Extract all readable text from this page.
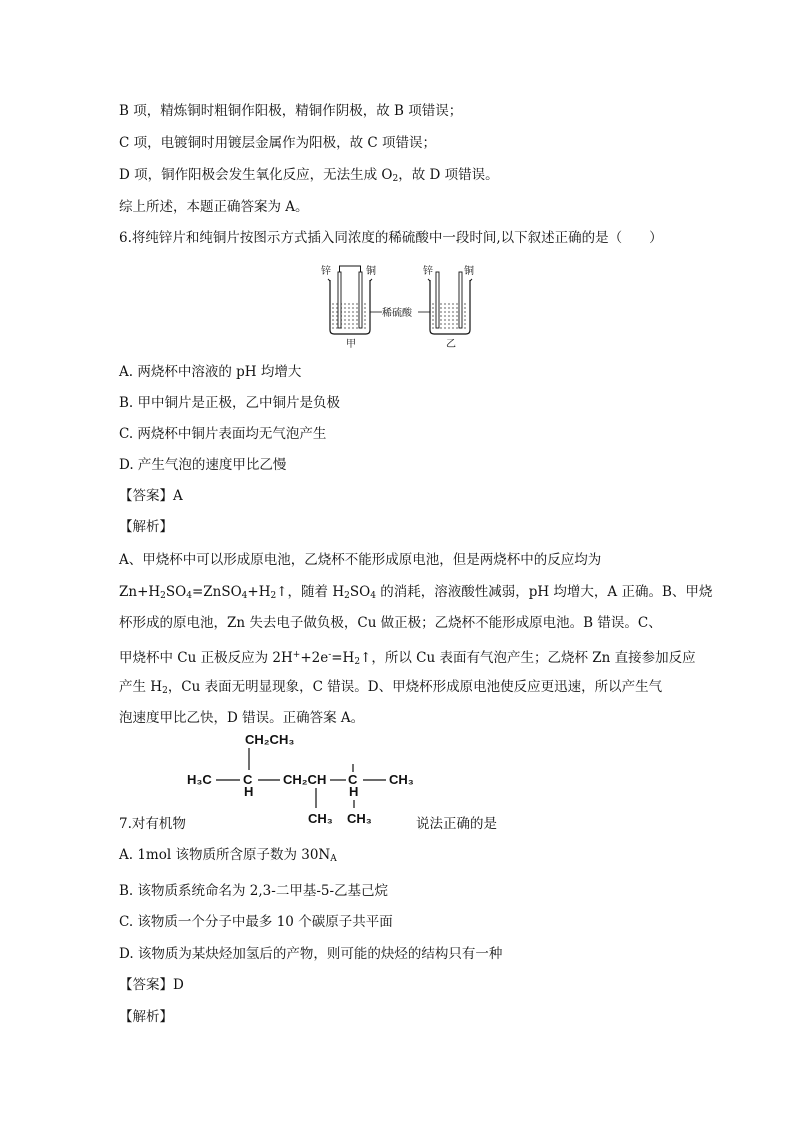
B 项，精炼铜时粗铜作阳极，精铜作阴极，故 B 项错误；
C 项，电镀铜时用镀层金属作为阳极，故 C 项错误；
D 项，铜作阳极会发生氧化反应，无法生成 $O_2$，故 D 项错误。
综上所述，本题正确答案为 A。
6.将纯锌片和纯铜片按图示方式插入同浓度的稀硫酸中一段时间,以下叙述正确的是（　　）
锌	铜
甲
稀硫酸
锌	铜
乙
A. 两烧杯中溶液的 pH 均增大
B. 甲中铜片是正极，乙中铜片是负极
C. 两烧杯中铜片表面均无气泡产生
D. 产生气泡的速度甲比乙慢
【答案】A
【解析】
A、甲烧杯中可以形成原电池，乙烧杯不能形成原电池，但是两烧杯中的反应均为
$Zn+H_2SO_4=ZnSO_4+H_2↑$，随着 $H_2SO_4$ 的消耗，溶液酸性减弱，pH 均增大，A 正确。B、甲烧
杯形成的原电池，Zn 失去电子做负极，Cu 做正极；乙烧杯不能形成原电池。B 错误。C、
甲烧杯中 Cu 正极反应为 $2H^++2e^-=H_2↑$，所以 Cu 表面有气泡产生；乙烧杯 Zn 直接参加反应
产生 $H_2$，Cu 表面无明显现象，C 错误。D、甲烧杯形成原电池使反应更迅速，所以产生气
泡速度甲比乙快，D 错误。正确答案 A。
CH₂CH₃
H₃C C
H
CH₂CH C
H
CH₃
CH₃ CH₃
7.对有机物	说法正确的是
A. 1mol 该物质所含原子数为 $30N_A$
B. 该物质系统命名为 2,3-二甲基-5-乙基己烷
C. 该物质一个分子中最多 10 个碳原子共平面
D. 该物质为某炔烃加氢后的产物，则可能的炔烃的结构只有一种
【答案】D
【解析】
